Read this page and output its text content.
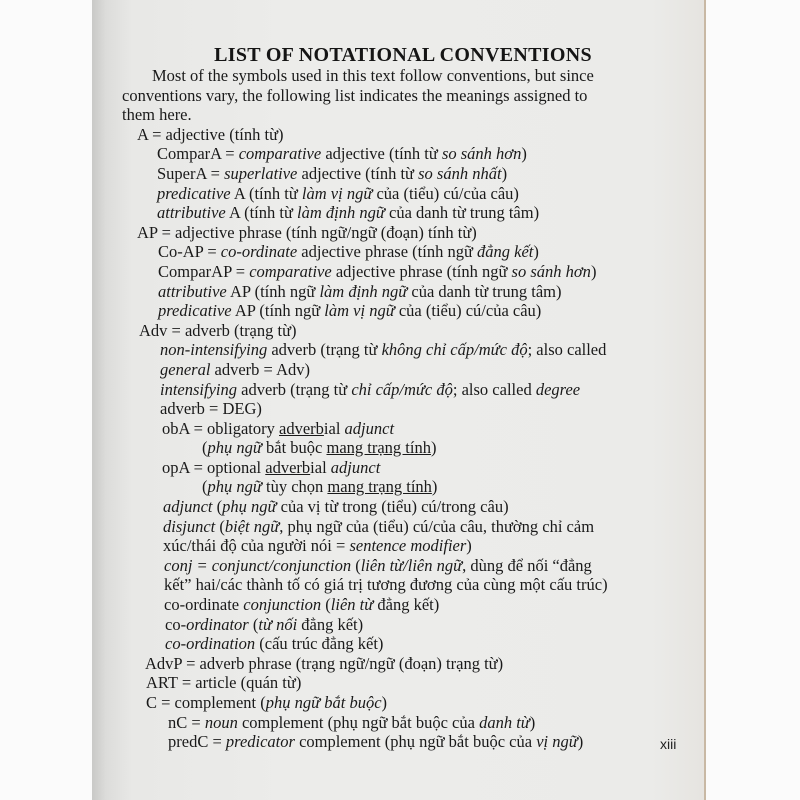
LIST OF NOTATIONAL CONVENTIONS
Most of the symbols used in this text follow conventions, but since
conventions vary, the following list indicates the meanings assigned to
them here.
A = adjective (tính từ)
ComparA = comparative adjective (tính từ so sánh hơn)
SuperA = superlative adjective (tính từ so sánh nhất)
predicative A (tính từ làm vị ngữ của (tiểu) cú/của câu)
attributive A (tính từ làm định ngữ của danh từ trung tâm)
AP = adjective phrase (tính ngữ/ngữ (đoạn) tính từ)
Co-AP = co-ordinate adjective phrase (tính ngữ đẳng kết)
ComparAP = comparative adjective phrase (tính ngữ so sánh hơn)
attributive AP (tính ngữ làm định ngữ của danh từ trung tâm)
predicative AP (tính ngữ làm vị ngữ của (tiểu) cú/của câu)
Adv = adverb (trạng từ)
non-intensifying adverb (trạng từ không chỉ cấp/mức độ; also called
general adverb = Adv)
intensifying adverb (trạng từ chỉ cấp/mức độ; also called degree
adverb = DEG)
obA = obligatory adverbial adjunct
(phụ ngữ bắt buộc mang trạng tính)
opA = optional adverbial adjunct
(phụ ngữ tùy chọn mang trạng tính)
adjunct (phụ ngữ của vị từ trong (tiểu) cú/trong câu)
disjunct (biệt ngữ, phụ ngữ của (tiểu) cú/của câu, thường chỉ cảm
xúc/thái độ của người nói = sentence modifier)
conj = conjunct/conjunction (liên từ/liên ngữ, dùng để nối “đẳng
kết” hai/các thành tố có giá trị tương đương của cùng một cấu trúc)
co-ordinate conjunction (liên từ đẳng kết)
co-ordinator (từ nối đẳng kết)
co-ordination (cấu trúc đẳng kết)
AdvP = adverb phrase (trạng ngữ/ngữ (đoạn) trạng từ)
ART = article (quán từ)
C = complement (phụ ngữ bắt buộc)
nC = noun complement (phụ ngữ bắt buộc của danh từ)
predC = predicator complement (phụ ngữ bắt buộc của vị ngữ)	xiii
